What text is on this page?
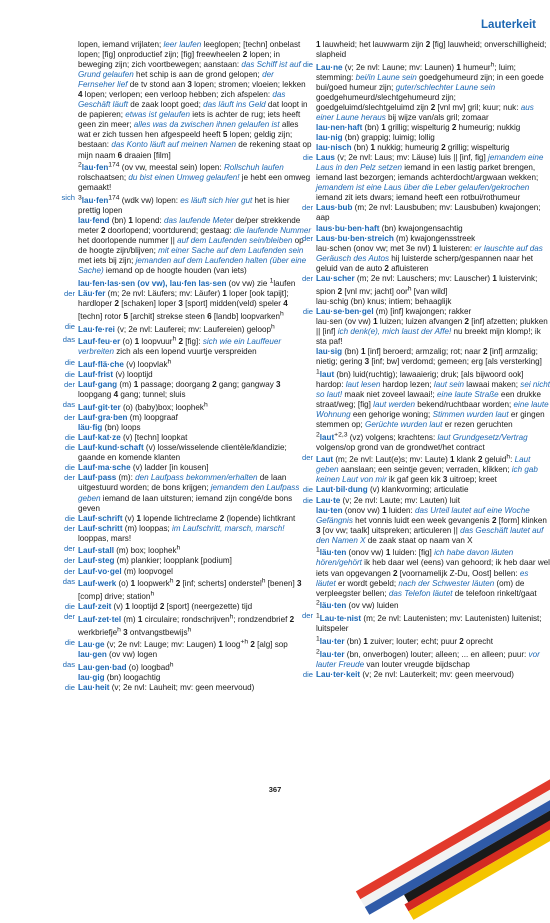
Lauterkeit
lopen, iemand vrijlaten; leer laufen leeglopen; [techn] onbelast lopen; [fig] onproductief zijn; [fig] freewheelen 2 lopen; in beweging zijn; zich voortbewegen; aanstaan: das Schiff ist auf Grund gelaufen het schip is aan de grond gelopen; der Fernseher lief de tv stond aan 3 lopen; stromen; vloeien; lekken 4 lopen; verlopen; een verloop hebben; zich afspelen: das Geschäft läuft de zaak loopt goed; das läuft ins Geld dat loopt in de papieren; etwas ist gelaufen iets is achter de rug; iets heeft geen zin meer; alles was da zwischen ihnen gelaufen ist alles wat er zich tussen hen afgespeeld heeft 5 lopen; geldig zijn; bestaan: das Konto läuft auf meinen Namen de rekening staat op mijn naam 6 draaien [film]
$^2$lau·fen$^{174}$ (ov vw, meestal sein) lopen: Rollschuh laufen rolschaatsen; du bist einen Umweg gelaufen! je hebt een omweg gemaakt!
sich $^3$lau·fen$^{174}$ (wdk vw) lopen: es läuft sich hier gut het is hier prettig lopen
lau·fend (bn) 1 lopend: das laufende Meter de/per strekkende meter 2 doorlopend; voortdurend; gestaag: die laufende Nummer het doorlopende nummer || auf dem Laufenden sein/bleiben op de hoogte zijn/blijven; mit einer Sache auf dem Laufenden sein met iets bij zijn; jemanden auf dem Laufenden halten (über eine Sache) iemand op de hoogte houden (van iets)
lau·fen·las·sen (ov vw), lau·fen las·sen (ov vw) zie $^1$laufen
der Läu·fer (m; 2e nvl: Läufers; mv: Läufer) 1 loper [ook tapijt]; hardloper 2 [schaken] loper 3 [sport] midden(veld) speler 4 [techn] rotor 5 [archit] strekse steen 6 [landb] loopvarken$^h$
die Lau·fe·rei (v; 2e nvl: Lauferei; mv: Laufereien) geloop$^h$
das Lauf·feu·er (o) 1 loopvuur$^h$ 2 [fig]: sich wie ein Lauffeuer verbreiten zich als een lopend vuurtje verspreiden
die Lauf·flä·che (v) loopvlak$^h$
die Lauf·frist (v) looptijd
der Lauf·gang (m) 1 passage; doorgang 2 gang; gangway 3 loopgang 4 gang; tunnel; sluis
das Lauf·git·ter (o) (baby)box; loophek$^h$
der Lauf·gra·ben (m) loopgraaf
läu·fig (bn) loops
die Lauf·kat·ze (v) [techn] loopkat
die Lauf·kund·schaft (v) losse/wisselende clientèle/klandizie; gaande en komende klanten
die Lauf·ma·sche (v) ladder [in kousen]
der Lauf·pass (m): den Laufpass bekommen/erhalten de laan uitgestuurd worden; de bons krijgen; jemandem den Laufpass geben iemand de laan uitsturen; iemand zijn congé/de bons geven
die Lauf·schrift (v) 1 lopende lichtreclame 2 (lopende) lichtkrant
der Lauf·schritt (m) looppas; im Laufschritt, marsch, marsch! looppas, mars!
der Lauf·stall (m) box; loophek$^h$
der Lauf·steg (m) plankier; loopplank [podium]
der Lauf·vo·gel (m) loopvogel
das Lauf·werk (o) 1 loopwerk$^h$ 2 [inf; scherts] onderstel$^h$ [benen] 3 [comp] drive; station$^h$
die Lauf·zeit (v) 1 looptijd 2 [sport] (neergezette) tijd
der Lauf·zet·tel (m) 1 circulaire; rondschrijven$^h$; rondzendbrief 2 werkbriefje$^h$ 3 ontvangstbewijs$^h$
die Lau·ge (v; 2e nvl: Lauge; mv: Laugen) 1 loog$^{+h}$ 2 [alg] sop
lau·gen (ov vw) logen
das Lau·gen·bad (o) loogbad$^h$
lau·gig (bn) loogachtig
die Lau·heit (v; 2e nvl: Lauheit; mv: geen meervoud)
1 lauwheid; het lauwwarm zijn 2 [fig] lauwheid; onverschilligheid; slapheid
die Lau·ne (v; 2e nvl: Laune; mv: Launen) 1 humeur$^h$; luim; stemming: bei/in Laune sein goedgehumeurd zijn; in een goede bui/goed humeur zijn; guter/schlechter Laune sein goedgehumeurd/slechtgehumeurd zijn; goedgeluimd/slechtgeluimd zijn 2 [vnl mv] gril; kuur; nuk: aus einer Laune heraus bij wijze van/als gril; zomaar
lau·nen·haft (bn) 1 grillig; wispelturig 2 humeurig; nukkig
lau·nig (bn) grappig; luimig; lollig
lau·nisch (bn) 1 nukkig; humeurig 2 grillig; wispelturig
die Laus (v; 2e nvl: Laus; mv: Läuse) luis || [inf, fig] jemandem eine Laus in den Pelz setzen iemand in een lastig parket brengen, iemand last bezorgen; iemands achterdocht/argwaan wekken; jemandem ist eine Laus über die Leber gelaufen/gekrochen iemand zit iets dwars; iemand heeft een rotbui/rothumeur
der Laus·bub (m; 2e nvl: Lausbuben; mv: Lausbuben) kwajongen; aap
laus·bu·ben·haft (bn) kwajongensachtig
der Laus·bu·ben·streich (m) kwajongensstreek
lau·schen (onov vw; met 3e nvl) 1 luisteren: er lauschte auf das Geräusch des Autos hij luisterde scherp/gespannen naar het geluid van de auto 2 afluisteren
der Lau·scher (m; 2e nvl: Lauschers; mv: Lauscher) 1 luistervink; spion 2 [vnl mv; jacht] oor$^h$ [van wild]
lau·schig (bn) knus; intiem; behaaglijk
die Lau·se·ben·gel (m) [inf] kwajongen; rakker
lau·sen (ov vw) 1 luizen; luizen afvangen 2 [inf] afzetten; plukken || [inf] ich denk(e), mich laust der Affe! nu breekt mijn klomp!; ik sta paf!
lau·sig (bn) 1 [inf] beroerd; armzalig; rot; naar 2 [inf] armzalig; nietig; gering 3 [inf; bw] verdomd; gemeen; erg [als versterking]
$^1$laut (bn) luid(ruchtig); lawaaierig; druk; [als bijwoord ook] hardop: laut lesen hardop lezen; laut sein lawaai maken; sei nicht so laut! maak niet zoveel lawaai!; eine laute Straße een drukke straat/weg; [fig] laut werden bekend/ruchtbaar worden; eine laute Wohnung een gehorige woning; Stimmen wurden laut er gingen stemmen op; Gerüchte wurden laut er rezen geruchten
$^2$laut$^{+2,3}$ (vz) volgens; krachtens: laut Grundgesetz/Vertrag volgens/op grond van de grondwet/het contract
der Laut (m; 2e nvl: Laut(e)s; mv: Laute) 1 klank 2 geluid$^h$: Laut geben aanslaan; een seintje geven; verraden, klikken; ich gab keinen Laut von mir ik gaf geen kik 3 uitroep; kreet
die Laut·bil·dung (v) klankvorming; articulatie
die Lau·te (v; 2e nvl: Laute; mv: Lauten) luit
lau·ten (onov vw) 1 luiden: das Urteil lautet auf eine Woche Gefängnis het vonnis luidt een week gevangenis 2 [form] klinken 3 [ov vw; taalk] uitspreken; articuleren || das Geschäft lautet auf den Namen X de zaak staat op naam van X
$^1$läu·ten (onov vw) 1 luiden: [fig] ich habe davon läuten hören/gehört ik heb daar wel (eens) van gehoord; ik heb daar wel iets van opgevangen 2 [voornamelijk Z-Du, Oost] bellen: es läutet er wordt gebeld; nach der Schwester läuten (om) de verpleegster bellen; das Telefon läutet de telefoon rinkelt/gaat
$^2$läu·ten (ov vw) luiden
der $^1$Lau·te·nist (m; 2e nvl: Lautenisten; mv: Lautenisten) luitenist; luitspeler
$^1$lau·ter (bn) 1 zuiver; louter; echt; puur 2 oprecht
$^2$lau·ter (bn, onverbogen) louter; alleen; ... en alleen; puur: vor lauter Freude van louter vreugde bijdschap
die Lau·ter·keit (v; 2e nvl: Lauterkeit; mv: geen meervoud)
367
